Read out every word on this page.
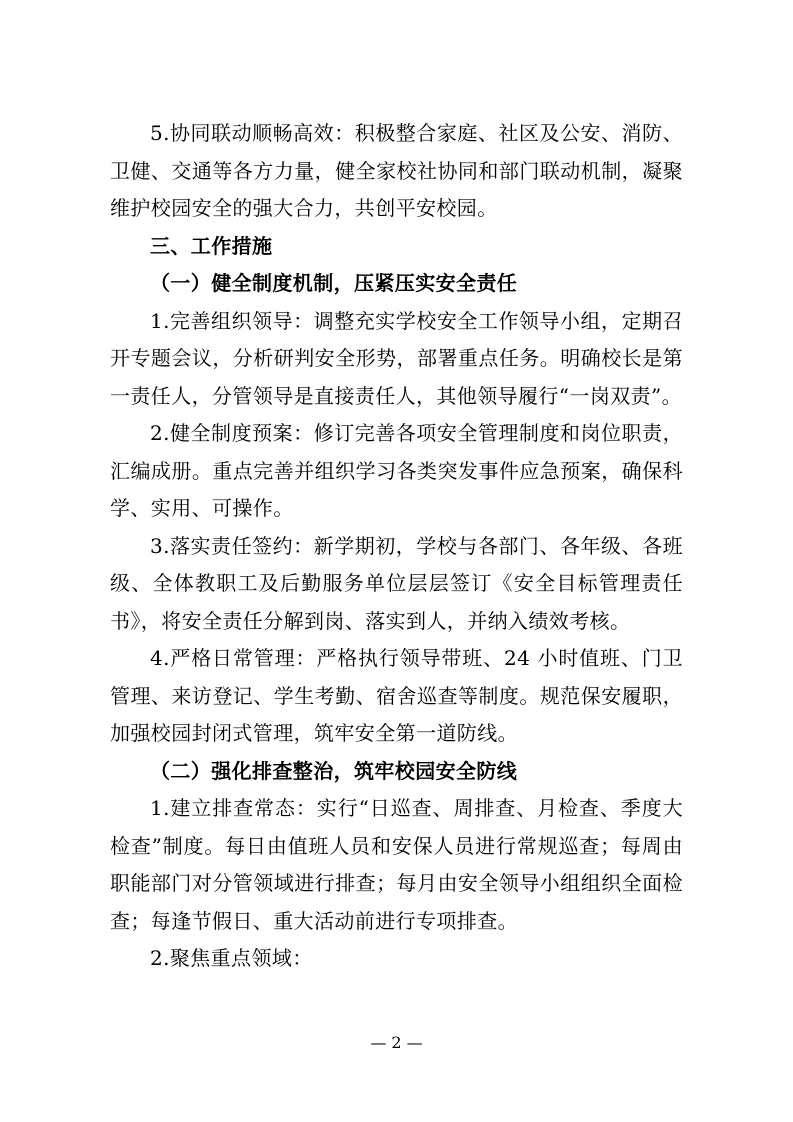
5.协同联动顺畅高效：积极整合家庭、社区及公安、消防、卫健、交通等各方力量，健全家校社协同和部门联动机制，凝聚维护校园安全的强大合力，共创平安校园。

三、工作措施

（一）健全制度机制，压紧压实安全责任

1.完善组织领导：调整充实学校安全工作领导小组，定期召开专题会议，分析研判安全形势，部署重点任务。明确校长是第一责任人，分管领导是直接责任人，其他领导履行“一岗双责”。

2.健全制度预案：修订完善各项安全管理制度和岗位职责，汇编成册。重点完善并组织学习各类突发事件应急预案，确保科学、实用、可操作。

3.落实责任签约：新学期初，学校与各部门、各年级、各班级、全体教职工及后勤服务单位层层签订《安全目标管理责任书》，将安全责任分解到岗、落实到人，并纳入绩效考核。

4.严格日常管理：严格执行领导带班、24 小时值班、门卫管理、来访登记、学生考勤、宿舍巡查等制度。规范保安履职，加强校园封闭式管理，筑牢安全第一道防线。

（二）强化排查整治，筑牢校园安全防线

1.建立排查常态：实行“日巡查、周排查、月检查、季度大检查”制度。每日由值班人员和安保人员进行常规巡查；每周由职能部门对分管领域进行排查；每月由安全领导小组组织全面检查；每逢节假日、重大活动前进行专项排查。

2.聚焦重点领域：

— 2 —
